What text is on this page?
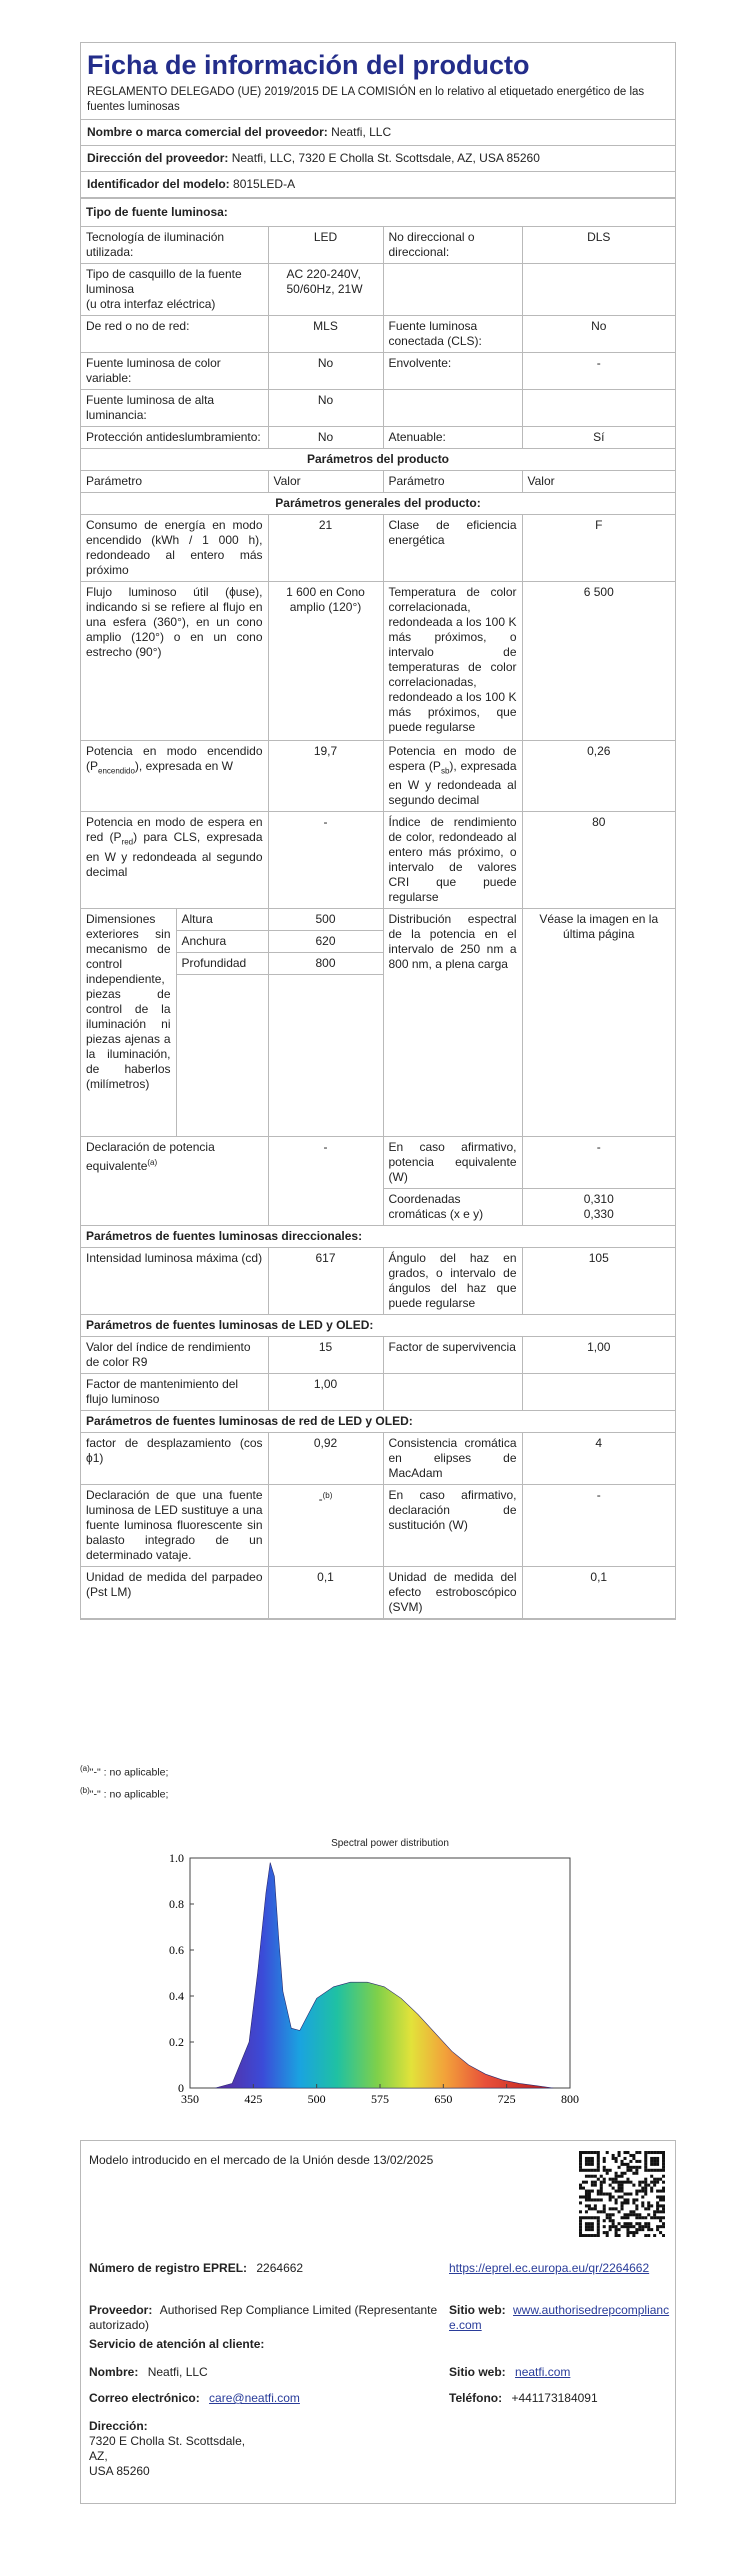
Ficha de información del producto
REGLAMENTO DELEGADO (UE) 2019/2015 DE LA COMISIÓN en lo relativo al etiquetado energético de las fuentes luminosas
Nombre o marca comercial del proveedor: Neatfi, LLC
Dirección del proveedor: Neatfi, LLC, 7320 E Cholla St. Scottsdale, AZ, USA 85260
Identificador del modelo: 8015LED-A
Tipo de fuente luminosa:				
Tecnología de iluminación utilizada:		LED	No direccional o direccional:	DLS
Tipo de casquillo de la fuente luminosa
(u otra interfaz eléctrica)		AC 220-240V, 50/60Hz, 21W		
De red o no de red:		MLS	Fuente luminosa conectada (CLS):	No
Fuente luminosa de color variable:		No	Envolvente:	-
Fuente luminosa de alta luminancia:		No		
Protección antideslumbramiento:		No	Atenuable:	Sí
Parámetros del producto				
Parámetro		Valor	Parámetro	Valor
Parámetros generales del producto:				
Consumo de energía en modo encendido (kWh / 1 000 h), redondeado al entero más próximo		21	Clase de eficiencia energética	F
Flujo luminoso útil (ϕuse), indicando si se refiere al flujo en una esfera (360°), en un cono amplio (120°) o en un cono estrecho (90°)		1 600 en Cono amplio (120°)	Temperatura de color correlacionada, redondeada a los 100 K más próximos, o intervalo de temperaturas de color correlacionadas, redondeado a los 100 K más próximos, que puede regularse	6 500
Potencia en modo encendido $(P_{encendido})$, expresada en W		19,7	Potencia en modo de espera $(P_{sb})$, expresada en W y redondeada al segundo decimal	0,26
Potencia en modo de espera en red $(P_{red})$ para CLS, expresada en W y redondeada al segundo decimal		-	Índice de rendimiento de color, redondeado al entero más próximo, o intervalo de valores CRI que puede regularse	80
Dimensiones exteriores sin mecanismo de control independiente, piezas de control de la iluminación ni piezas ajenas a la iluminación, de haberlos (milímetros)	Altura	500	Distribución espectral de la potencia en el intervalo de 250 nm a 800 nm, a plena carga	Véase la imagen en la última página
	Anchura	620		
	Profundidad	800		

Declaración de potencia equivalente$^{(a)}$		-	En caso afirmativo, potencia equivalente (W)	-
			Coordenadas cromáticas (x e y)	0,310
0,330

Parámetros de fuentes luminosas direccionales:				
Intensidad luminosa máxima (cd)		617	Ángulo del haz en grados, o intervalo de ángulos del haz que puede regularse	105
Parámetros de fuentes luminosas de LED y OLED:				
Valor del índice de rendimiento de color R9		15	Factor de supervivencia	1,00
Factor de mantenimiento del flujo luminoso		1,00		
Parámetros de fuentes luminosas de red de LED y OLED:				
factor de desplazamiento (cos ϕ1)		0,92	Consistencia cromática en elipses de MacAdam	4
Declaración de que una fuente luminosa de LED sustituye a una fuente luminosa fluorescente sin balasto integrado de un determinado vataje.		-$^{(b)}$	En caso afirmativo, declaración de sustitución (W)	-
Unidad de medida del parpadeo (Pst LM)		0,1	Unidad de medida del efecto estroboscópico (SVM)	0,1
$^{(a)}$"-" : no aplicable;
$^{(b)}$"-" : no aplicable;
Spectral power distribution
350	425	500	575	650	725	800
0
0.2
0.4
0.6
0.8
1.0
Modelo introducido en el mercado de la Unión desde 13/02/2025
Número de registro EPREL: 2264662	https://eprel.ec.europa.eu/qr/2264662
Proveedor: Authorised Rep Compliance Limited (Representante autorizado)
Sitio web: www.authorisedrepcompliance.com
Servicio de atención al cliente:
Nombre: Neatfi, LLC	Sitio web: neatfi.com
Correo electrónico: care@neatfi.com	Teléfono: +441173184091
Dirección:
7320 E Cholla St. Scottsdale,
AZ,
USA 85260
